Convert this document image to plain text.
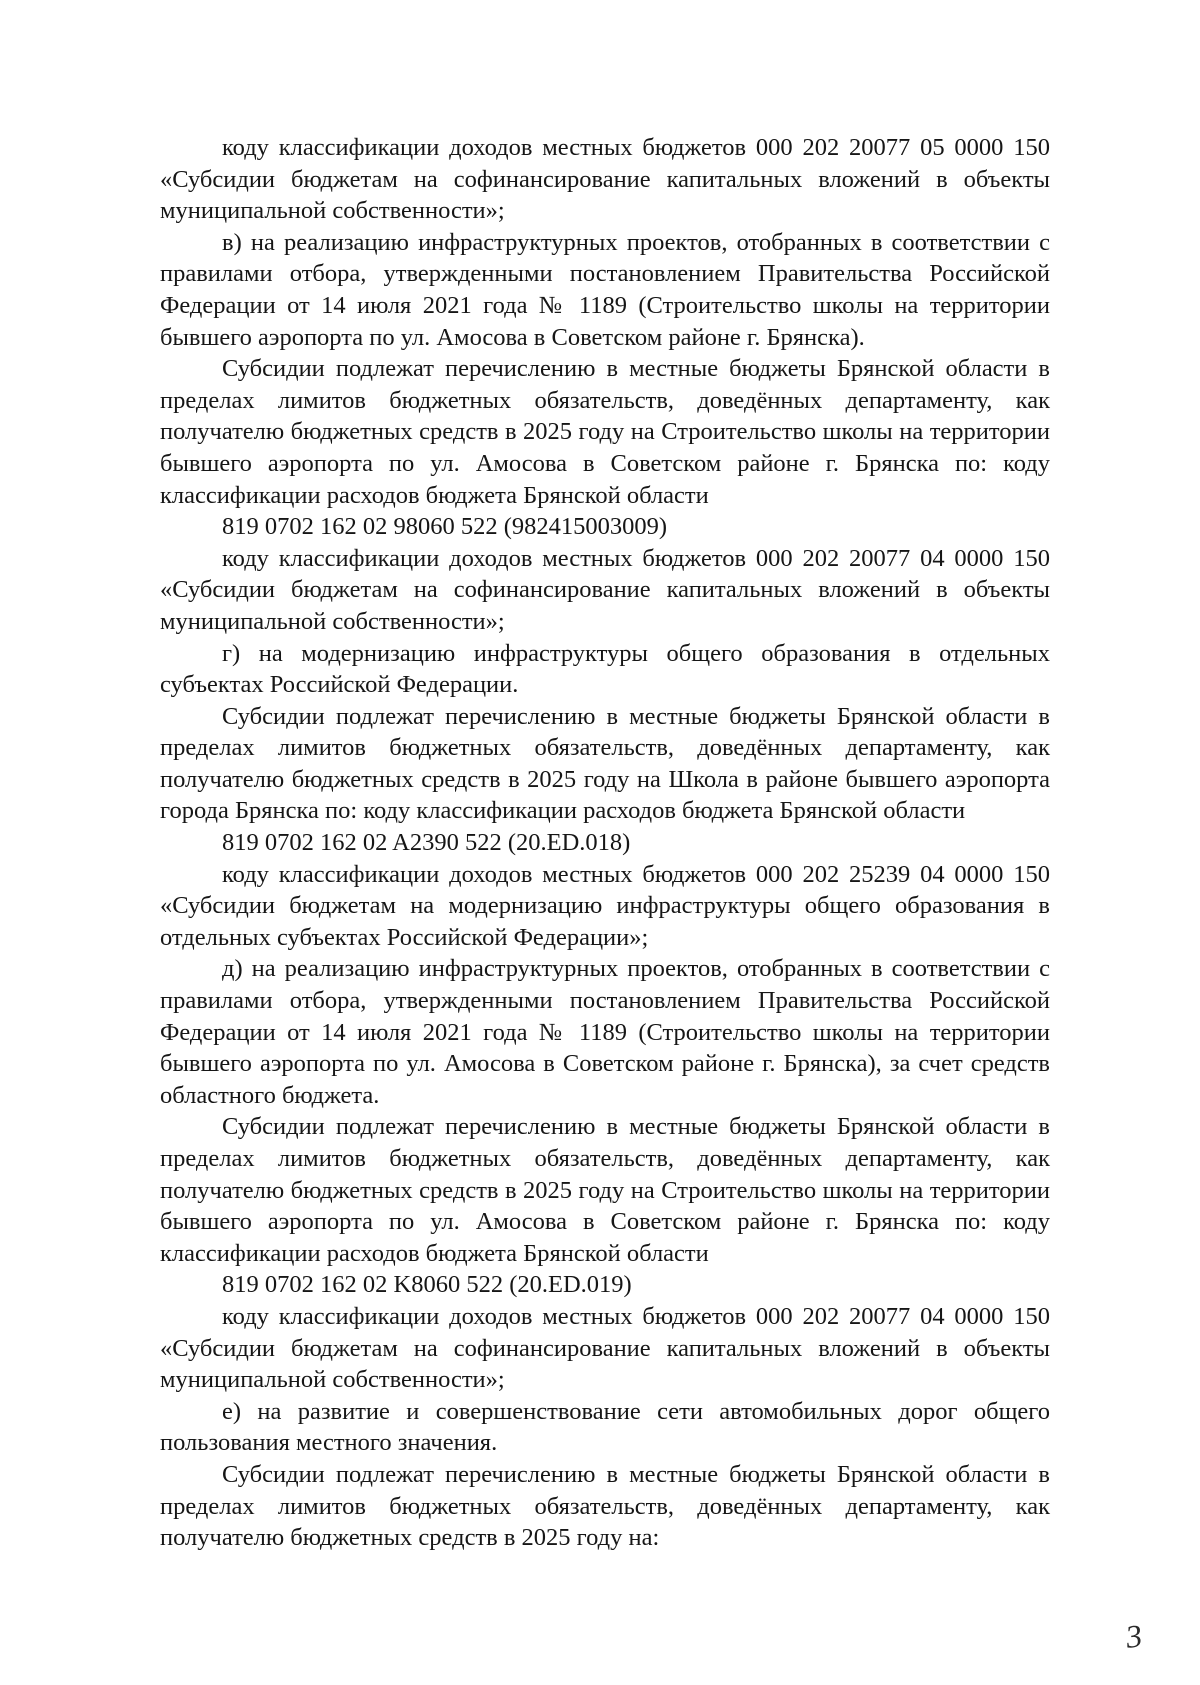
коду классификации доходов местных бюджетов 000 202 20077 05 0000 150 «Субсидии бюджетам на софинансирование капитальных вложений в объекты муниципальной собственности»;

в) на реализацию инфраструктурных проектов, отобранных в соответствии с правилами отбора, утвержденными постановлением Правительства Российской Федерации от 14 июля 2021 года № 1189 (Строительство школы на территории бывшего аэропорта по ул. Амосова в Советском районе г. Брянска).

Субсидии подлежат перечислению в местные бюджеты Брянской области в пределах лимитов бюджетных обязательств, доведённых департаменту, как получателю бюджетных средств в 2025 году на Строительство школы на территории бывшего аэропорта по ул. Амосова в Советском районе г. Брянска по: коду классификации расходов бюджета Брянской области

819 0702 162 02 98060 522 (982415003009)

коду классификации доходов местных бюджетов 000 202 20077 04 0000 150 «Субсидии бюджетам на софинансирование капитальных вложений в объекты муниципальной собственности»;

г) на модернизацию инфраструктуры общего образования в отдельных субъектах Российской Федерации.

Субсидии подлежат перечислению в местные бюджеты Брянской области в пределах лимитов бюджетных обязательств, доведённых департаменту, как получателю бюджетных средств в 2025 году на Школа в районе бывшего аэропорта города Брянска по: коду классификации расходов бюджета Брянской области

819 0702 162 02 A2390 522 (20.ED.018)

коду классификации доходов местных бюджетов 000 202 25239 04 0000 150 «Субсидии бюджетам на модернизацию инфраструктуры общего образования в отдельных субъектах Российской Федерации»;

д) на реализацию инфраструктурных проектов, отобранных в соответствии с правилами отбора, утвержденными постановлением Правительства Российской Федерации от 14 июля 2021 года № 1189 (Строительство школы на территории бывшего аэропорта по ул. Амосова в Советском районе г. Брянска), за счет средств областного бюджета.

Субсидии подлежат перечислению в местные бюджеты Брянской области в пределах лимитов бюджетных обязательств, доведённых департаменту, как получателю бюджетных средств в 2025 году на Строительство школы на территории бывшего аэропорта по ул. Амосова в Советском районе г. Брянска по: коду классификации расходов бюджета Брянской области

819 0702 162 02 K8060 522 (20.ED.019)

коду классификации доходов местных бюджетов 000 202 20077 04 0000 150 «Субсидии бюджетам на софинансирование капитальных вложений в объекты муниципальной собственности»;

е) на развитие и совершенствование сети автомобильных дорог общего пользования местного значения.

Субсидии подлежат перечислению в местные бюджеты Брянской области в пределах лимитов бюджетных обязательств, доведённых департаменту, как получателю бюджетных средств в 2025 году на:

3
